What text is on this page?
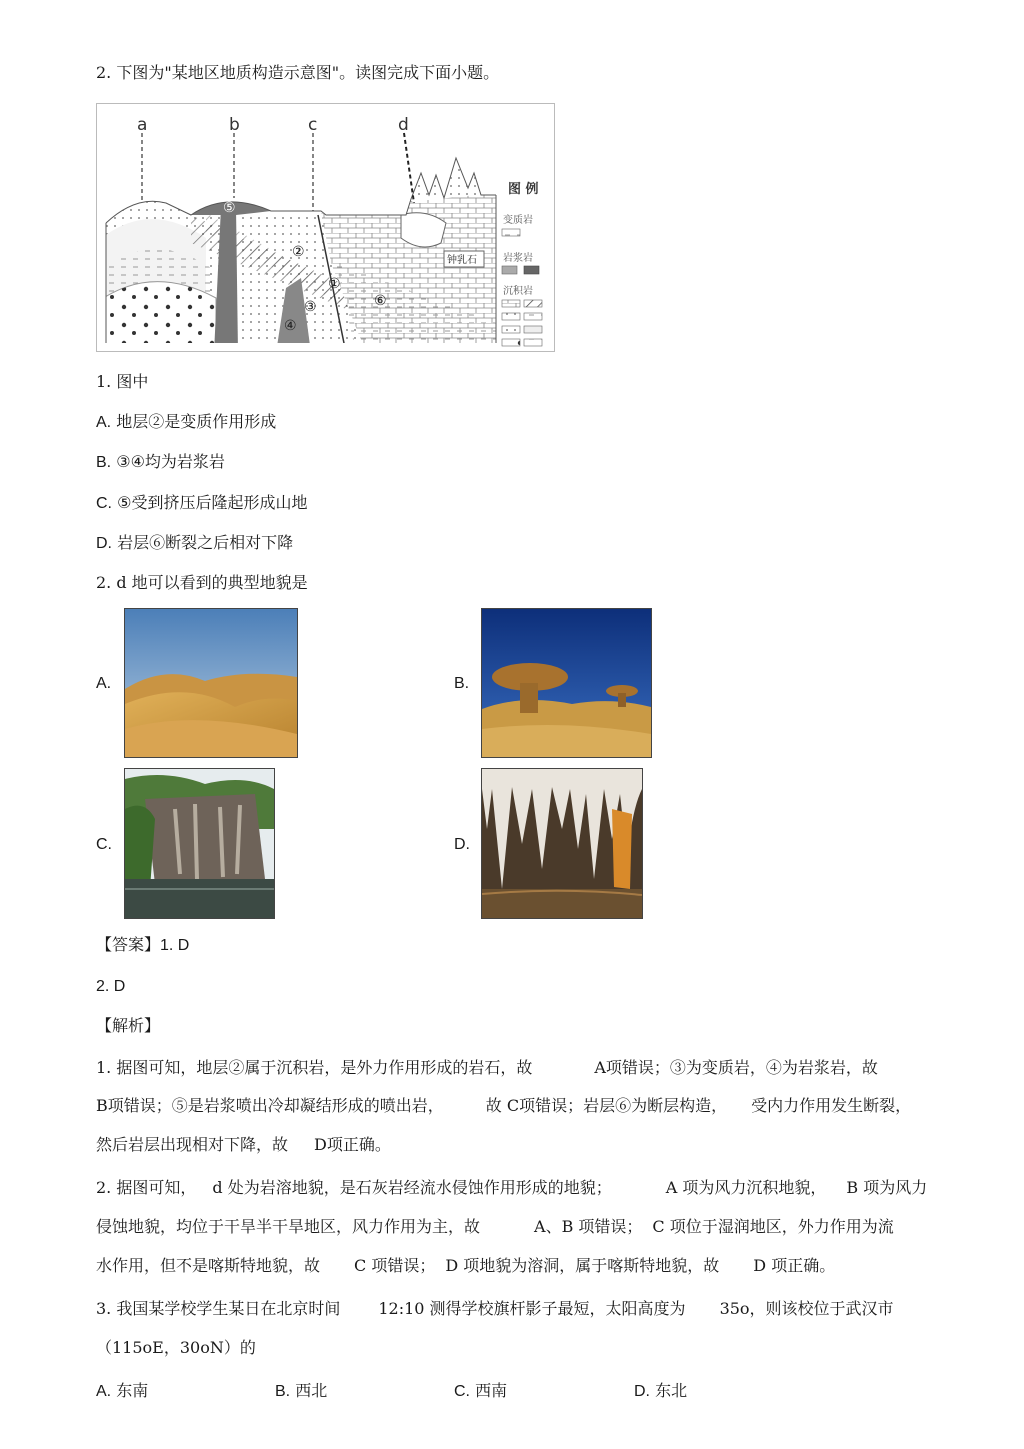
2. 下图为"某地区地质构造示意图"。读图完成下面小题。
a	b	c	d
①
②
③
④
⑤
⑥
钟乳石
图 例
变质岩
岩浆岩
沉积岩
1. 图中
A. 地层②是变质作用形成
B. ③④均为岩浆岩
C. ⑤受到挤压后隆起形成山地
D. 岩层⑥断裂之后相对下降
2. d 地可以看到的典型地貌是
A.	B.
C.	D.
【答案】1. D
2. D
【解析】
1. 据图可知，地层②属于沉积岩，是外力作用形成的岩石，故	A项错误；③为变质岩，④为岩浆岩，故
B项错误；⑤是岩浆喷出冷却凝结形成的喷出岩，	故 C项错误；岩层⑥为断层构造， 受内力作用发生断裂，
然后岩层出现相对下降，故 D项正确。
2. 据图可知， d 处为岩溶地貌，是石灰岩经流水侵蚀作用形成的地貌；	A 项为风力沉积地貌， B 项为风力
侵蚀地貌，均位于干旱半干旱地区，风力作用为主，故	A、B 项错误； C 项位于湿润地区，外力作用为流
水作用，但不是喀斯特地貌，故 C 项错误； D 项地貌为溶洞，属于喀斯特地貌，故 D 项正确。
3. 我国某学校学生某日在北京时间 12:10 测得学校旗杆影子最短，太阳高度为 35o，则该校位于武汉市
（115oE，30oN）的
A. 东南	B. 西北	C. 西南	D. 东北
